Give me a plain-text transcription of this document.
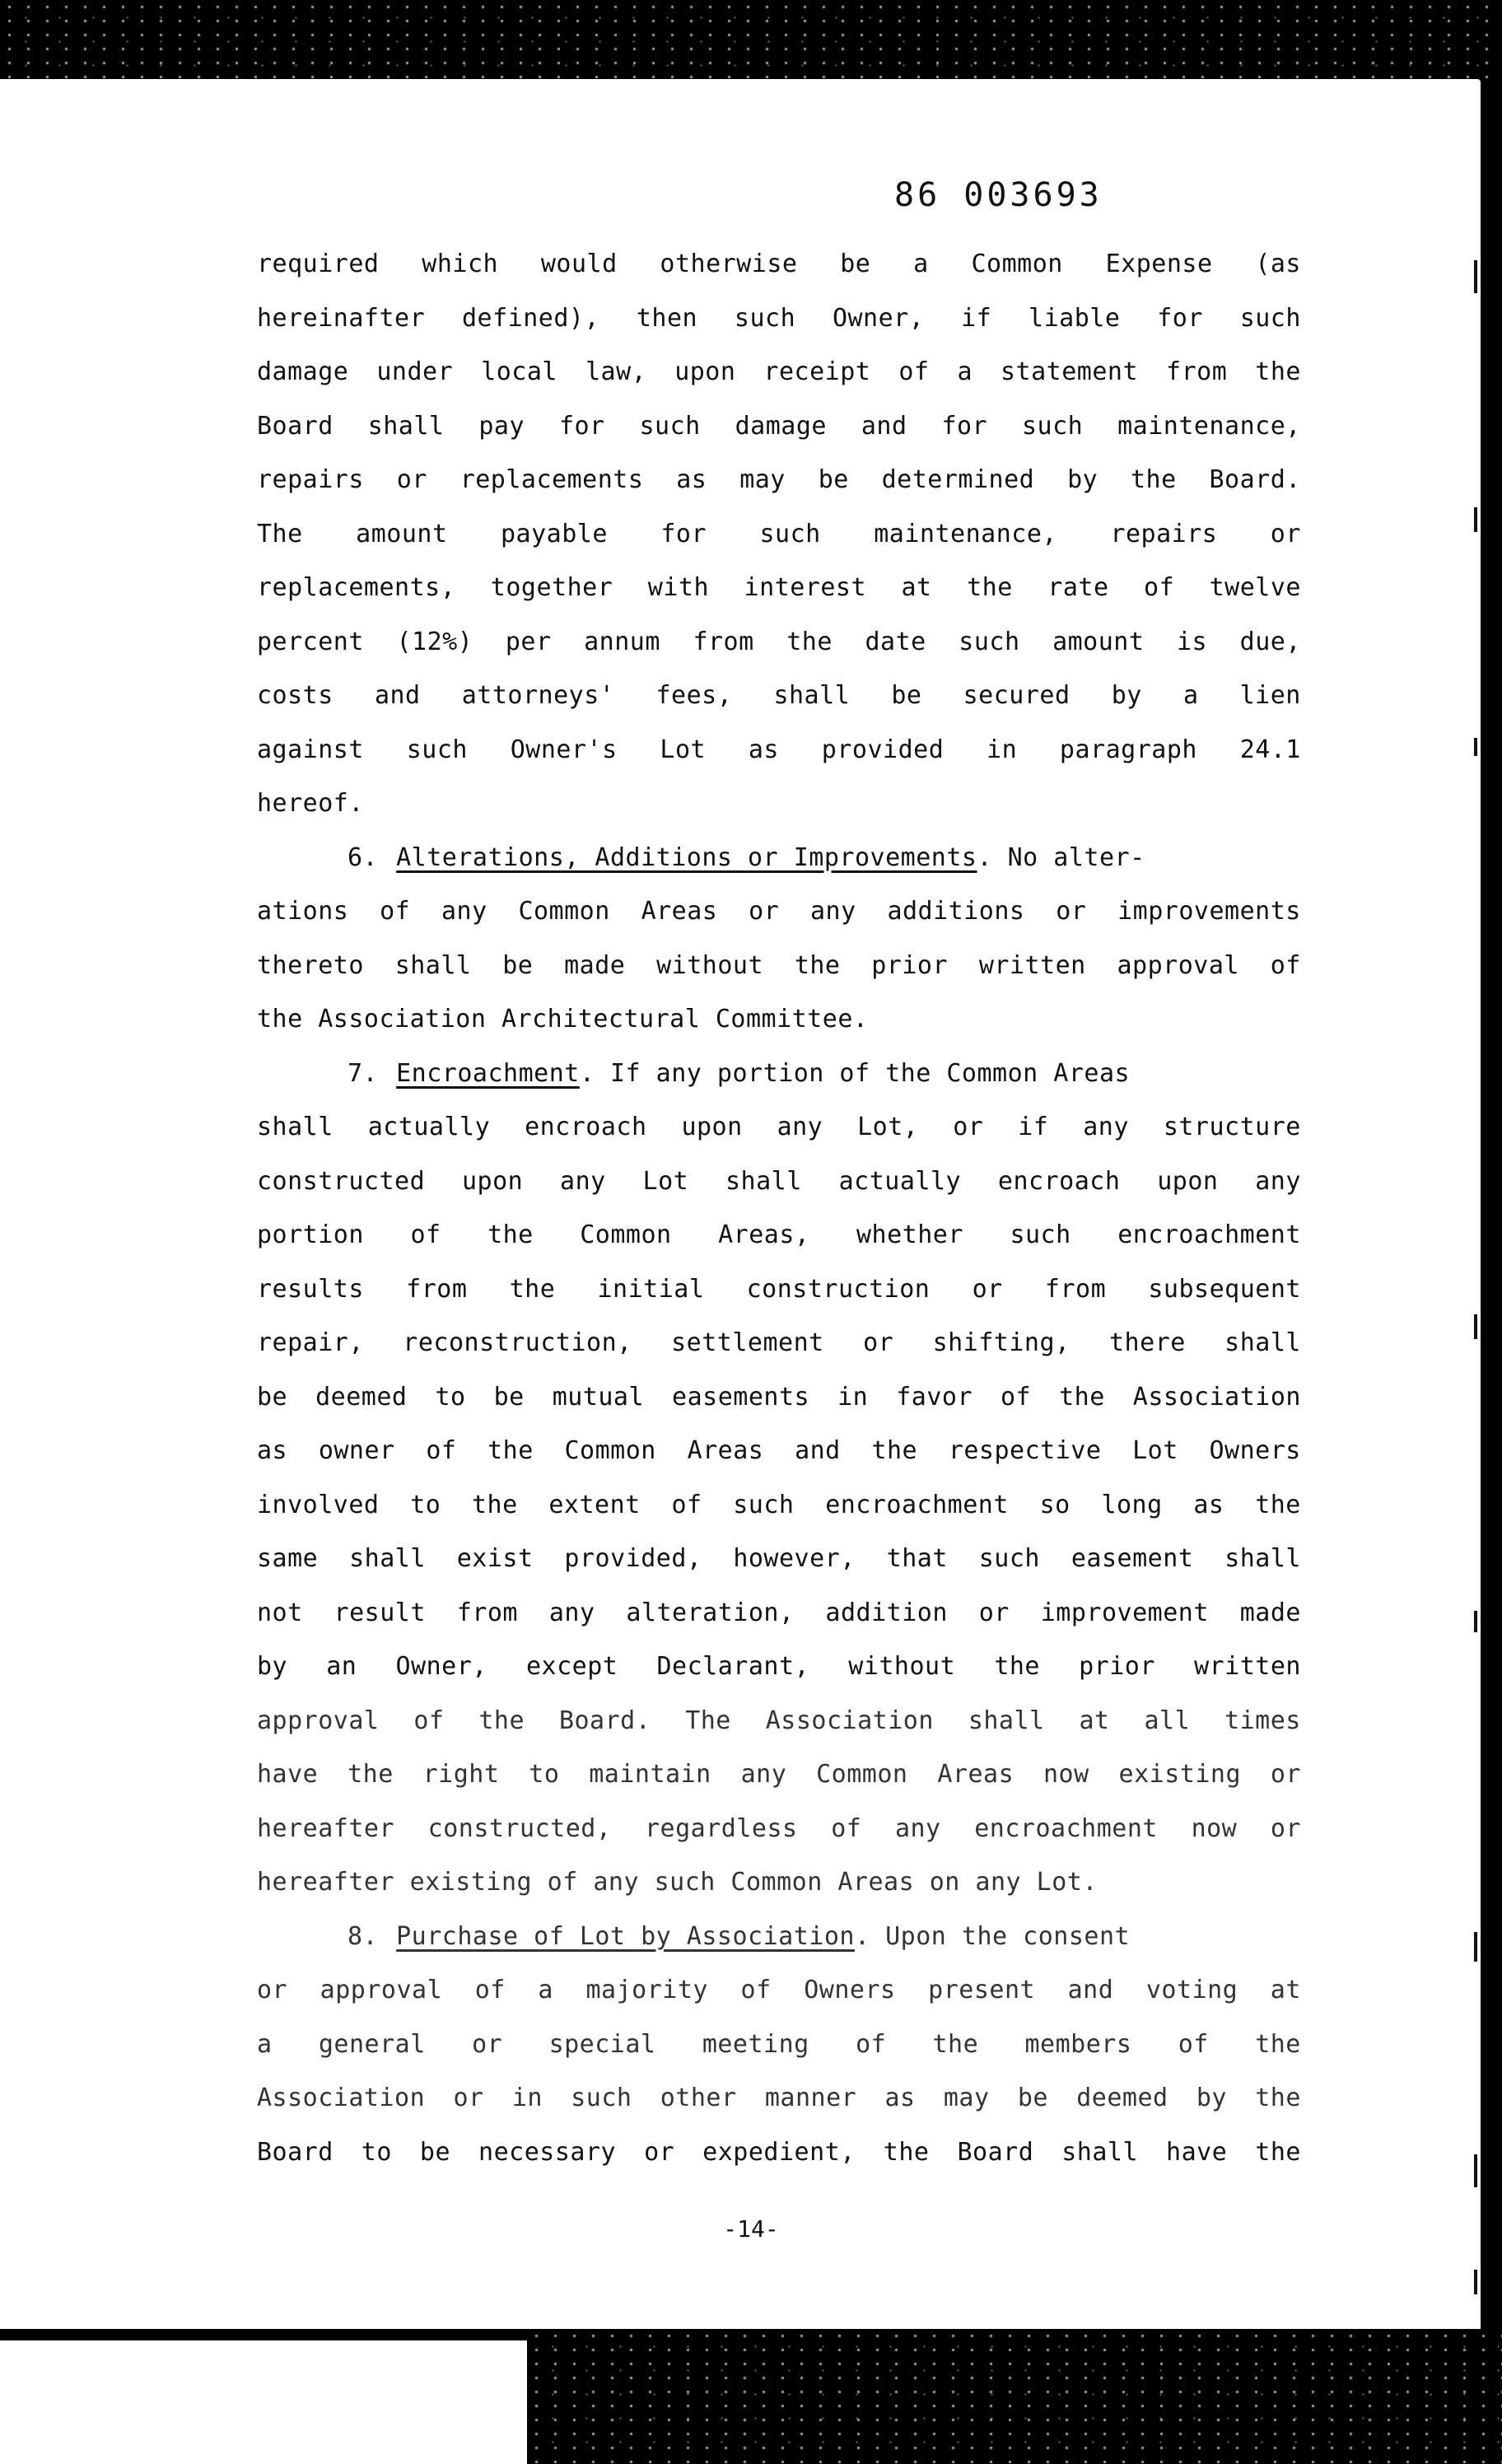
86 003693
required which would otherwise be a Common Expense (as
hereinafter defined), then such Owner, if liable for such
damage under local law, upon receipt of a statement from the
Board shall pay for such damage and for such maintenance,
repairs or replacements as may be determined by the Board.
The amount payable for such maintenance, repairs or
replacements, together with interest at the rate of twelve
percent (12%) per annum from the date such amount is due,
costs and attorneys' fees, shall be secured by a lien
against such Owner's Lot as provided in paragraph 24.1
hereof.
6. Alterations, Additions or Improvements . No alter-
ations of any Common Areas or any additions or improvements
thereto shall be made without the prior written approval of
the Association Architectural Committee.
7. Encroachment . If any portion of the Common Areas
shall actually encroach upon any Lot, or if any structure
constructed upon any Lot shall actually encroach upon any
portion of the Common Areas, whether such encroachment
results from the initial construction or from subsequent
repair, reconstruction, settlement or shifting, there shall
be deemed to be mutual easements in favor of the Association
as owner of the Common Areas and the respective Lot Owners
involved to the extent of such encroachment so long as the
same shall exist provided, however, that such easement shall
not result from any alteration, addition or improvement made
by an Owner, except Declarant, without the prior written
approval of the Board. The Association shall at all times
have the right to maintain any Common Areas now existing or
hereafter constructed, regardless of any encroachment now or
hereafter existing of any such Common Areas on any Lot.
8. Purchase of Lot by Association . Upon the consent
or approval of a majority of Owners present and voting at
a general or special meeting of the members of the
Association or in such other manner as may be deemed by the
Board to be necessary or expedient, the Board shall have the
-14-
